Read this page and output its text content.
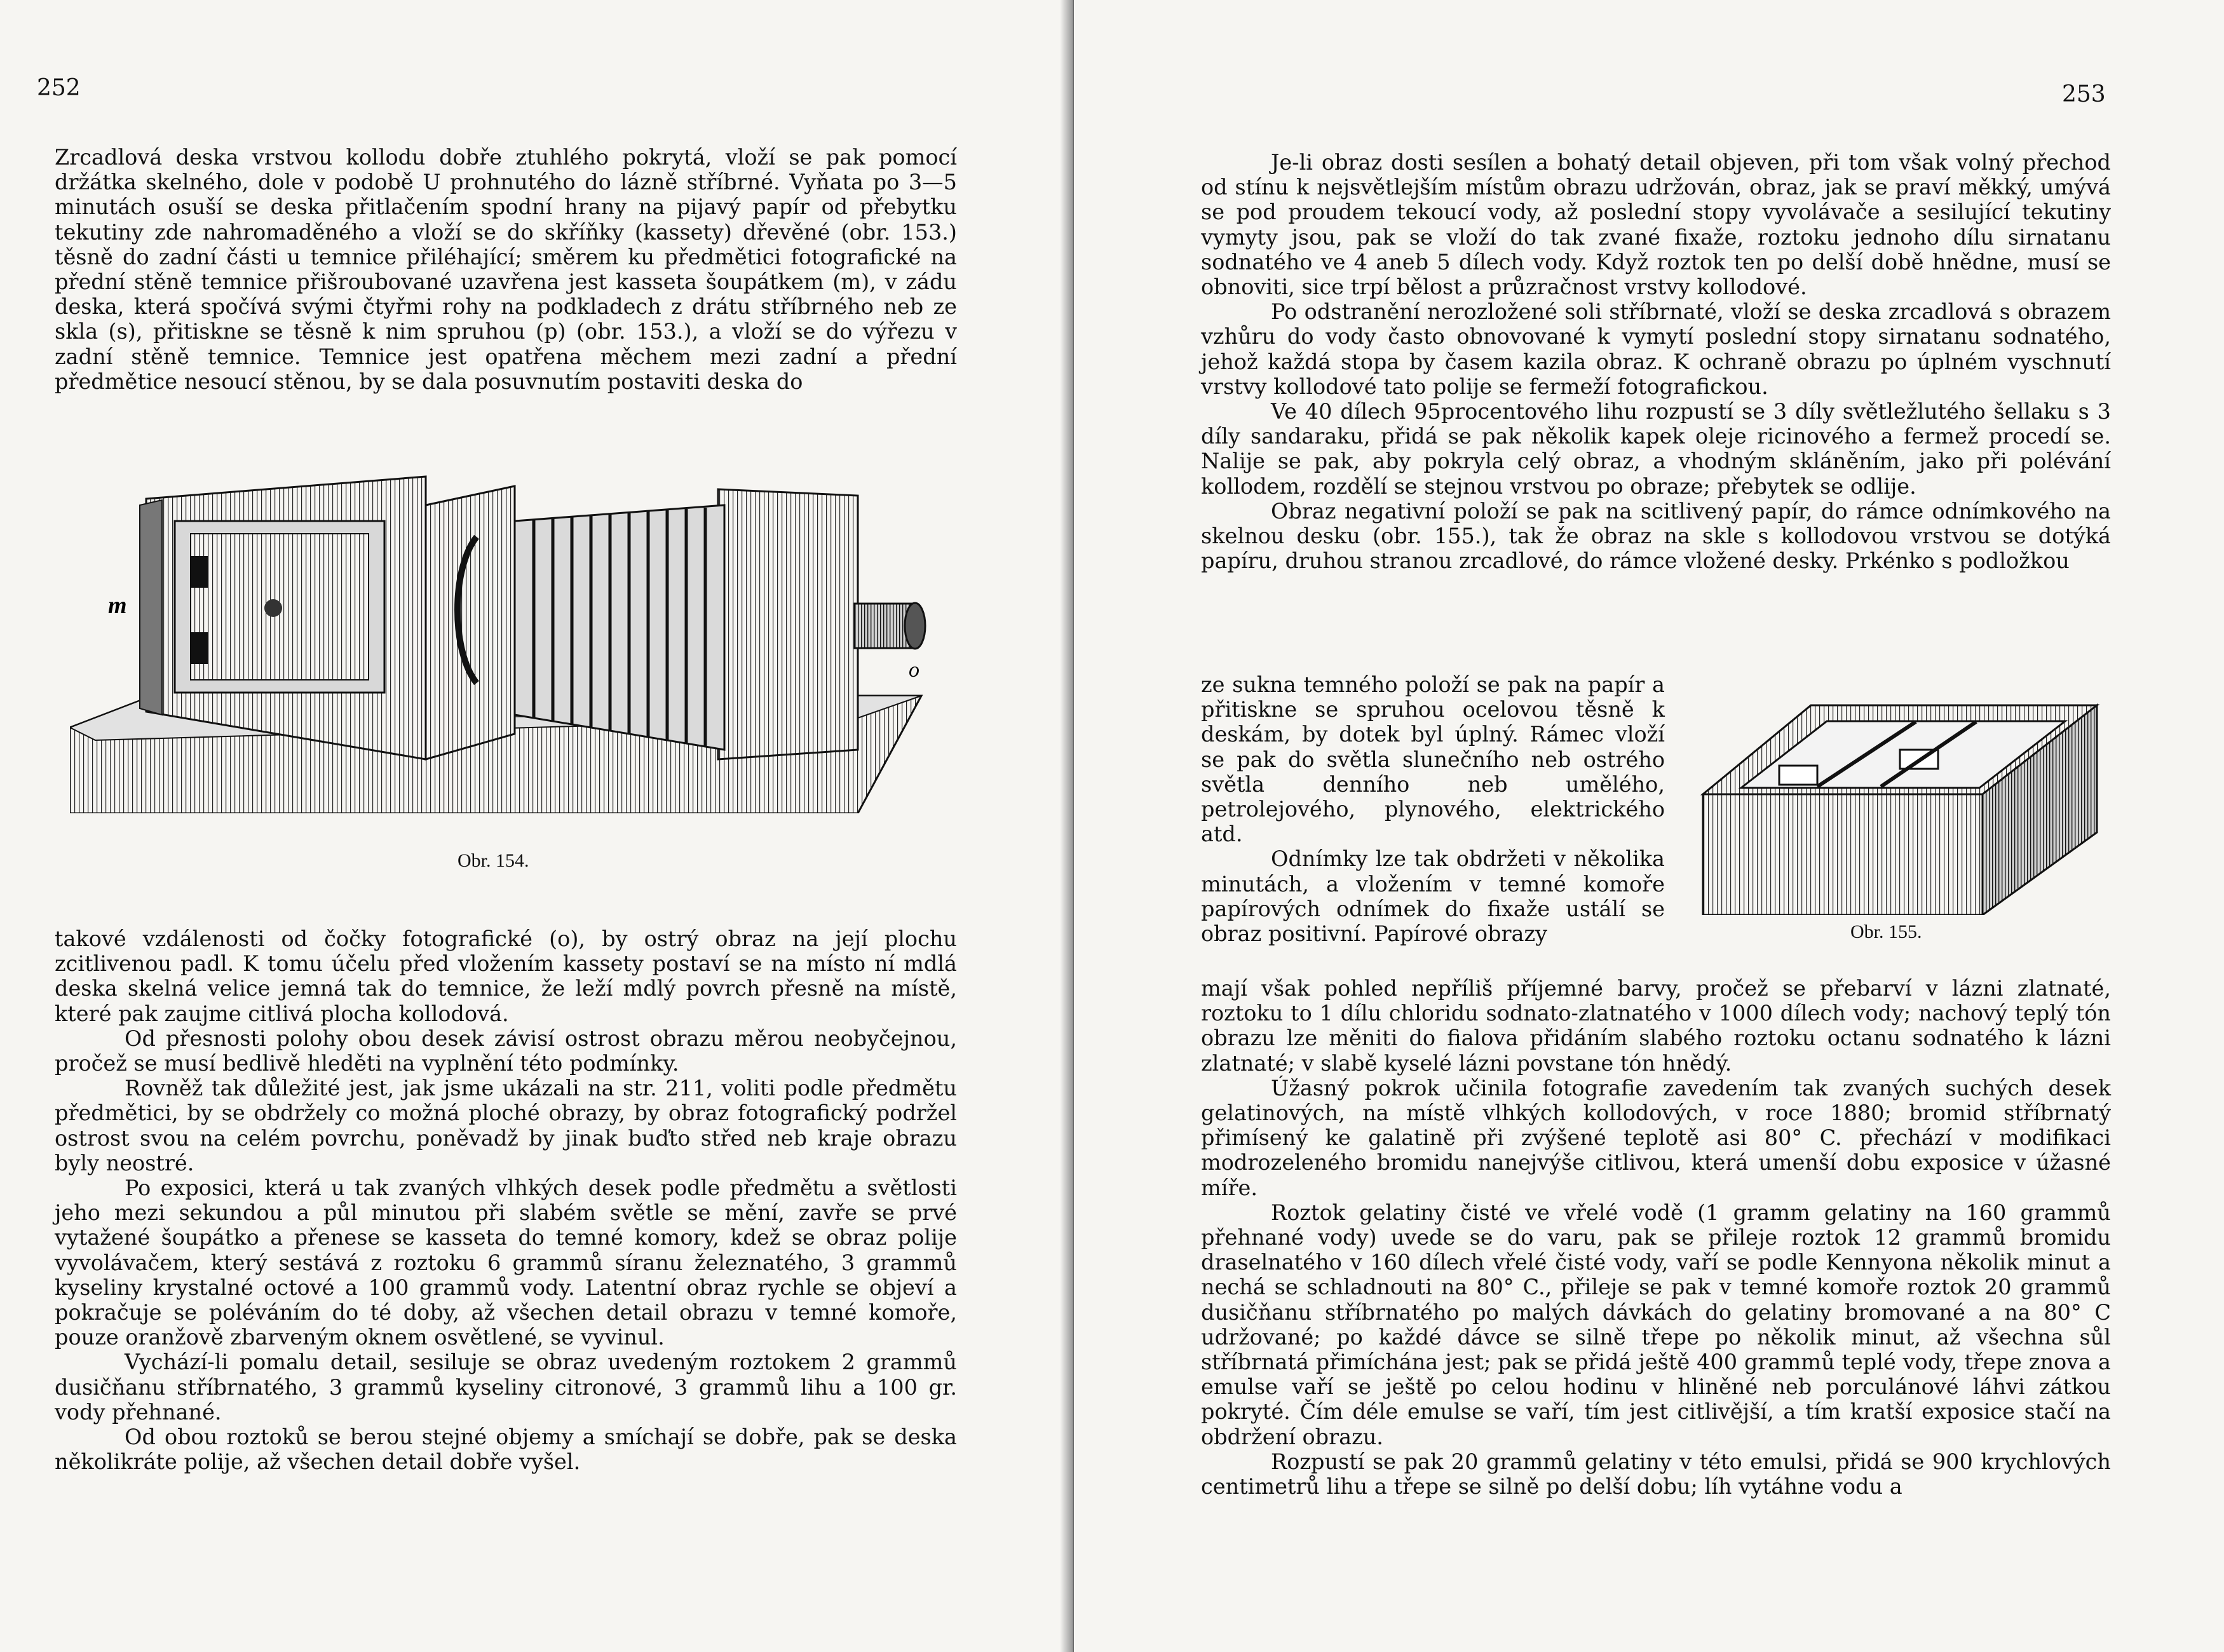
252

Zrcadlová deska vrstvou kollodu dobře ztuhlého pokrytá, vloží se pak pomocí držátka skelného, dole v podobě U prohnutého do lázně stříbrné. Vyňata po 3—5 minutách osuší se deska přitlačením spodní hrany na pijavý papír od přebytku tekutiny zde nahromaděného a vloží se do skříňky (kassety) dřevěné (obr. 153.) těsně do zadní části u temnice přiléhající; směrem ku předmětici fotografické na přední stěně temnice přišroubované uzavřena jest kasseta šoupátkem (m), v zádu deska, která spočívá svými čtyřmi rohy na podkladech z drátu stříbrného neb ze skla (s), přitiskne se těsně k nim spruhou (p) (obr. 153.), a vloží se do výřezu v zadní stěně temnice. Temnice jest opatřena měchem mezi zadní a přední předmětice nesoucí stěnou, by se dala posuvnutím postaviti deska do

m
o
Obr. 154.

takové vzdálenosti od čočky fotografické (o), by ostrý obraz na její plochu zcitlivenou padl. K tomu účelu před vložením kassety postaví se na místo ní mdlá deska skelná velice jemná tak do temnice, že leží mdlý povrch přesně na místě, které pak zaujme citlivá plocha kollodová.

Od přesnosti polohy obou desek závisí ostrost obrazu měrou neobyčejnou, pročež se musí bedlivě hleděti na vyplnění této podmínky.

Rovněž tak důležité jest, jak jsme ukázali na str. 211, voliti podle předmětu předmětici, by se obdržely co možná ploché obrazy, by obraz fotografický podržel ostrost svou na celém povrchu, poněvadž by jinak buďto střed neb kraje obrazu byly neostré.

Po exposici, která u tak zvaných vlhkých desek podle předmětu a světlosti jeho mezi sekundou a půl minutou při slabém světle se mění, zavře se prvé vytažené šoupátko a přenese se kasseta do temné komory, kdež se obraz polije vyvolávačem, který sestává z roztoku 6 grammů síranu železnatého, 3 grammů kyseliny krystalné octové a 100 grammů vody. Latentní obraz rychle se objeví a pokračuje se poléváním do té doby, až všechen detail obrazu v temné komoře, pouze oranžově zbarveným oknem osvětlené, se vyvinul.

Vychází-li pomalu detail, sesiluje se obraz uvedeným roztokem 2 grammů dusičňanu stříbrnatého, 3 grammů kyseliny citronové, 3 grammů lihu a 100 gr. vody přehnané.

Od obou roztoků se berou stejné objemy a smíchají se dobře, pak se deska několikráte polije, až všechen detail dobře vyšel.

253

Je-li obraz dosti sesílen a bohatý detail objeven, při tom však volný přechod od stínu k nejsvětlejším místům obrazu udržován, obraz, jak se praví měkký, umývá se pod proudem tekoucí vody, až poslední stopy vyvolávače a sesilující tekutiny vymyty jsou, pak se vloží do tak zvané fixaže, roztoku jednoho dílu sirnatanu sodnatého ve 4 aneb 5 dílech vody. Když roztok ten po delší době hnědne, musí se obnoviti, sice trpí bělost a průzračnost vrstvy kollodové.

Po odstranění nerozložené soli stříbrnaté, vloží se deska zrcadlová s obrazem vzhůru do vody často obnovované k vymytí poslední stopy sirnatanu sodnatého, jehož každá stopa by časem kazila obraz. K ochraně obrazu po úplném vyschnutí vrstvy kollodové tato polije se fermeží fotografickou.

Ve 40 dílech 95procentového lihu rozpustí se 3 díly světležlutého šellaku s 3 díly sandaraku, přidá se pak několik kapek oleje ricinového a fermež procedí se. Nalije se pak, aby pokryla celý obraz, a vhodným skláněním, jako při polévání kollodem, rozdělí se stejnou vrstvou po obraze; přebytek se odlije.

Obraz negativní položí se pak na scitlivený papír, do rámce odnímkového na skelnou desku (obr. 155.), tak že obraz na skle s kollodovou vrstvou se dotýká papíru, druhou stranou zrcadlové, do rámce vložené desky. Prkénko s podložkou

ze sukna temného položí se pak na papír a přitiskne se spruhou ocelovou těsně k deskám, by dotek byl úplný. Rámec vloží se pak do světla slunečního neb ostrého světla denního neb umělého, petrolejového, plynového, elektrického atd.

Odnímky lze tak obdržeti v několika minutách, a vložením v temné komoře papírových odnímek do fixaže ustálí se obraz positivní. Papírové obrazy	Obr. 155.

mají však pohled nepříliš příjemné barvy, pročež se přebarví v lázni zlatnaté, roztoku to 1 dílu chloridu sodnato-zlatnatého v 1000 dílech vody; nachový teplý tón obrazu lze měniti do fialova přidáním slabého roztoku octanu sodnatého k lázni zlatnaté; v slabě kyselé lázni povstane tón hnědý.

Úžasný pokrok učinila fotografie zavedením tak zvaných suchých desek gelatinových, na místě vlhkých kollodových, v roce 1880; bromid stříbrnatý přimísený ke galatině při zvýšené teplotě asi 80° C. přechází v modifikaci modrozeleného bromidu nanejvýše citlivou, která umenší dobu exposice v úžasné míře.

Roztok gelatiny čisté ve vřelé vodě (1 gramm gelatiny na 160 grammů přehnané vody) uvede se do varu, pak se přileje roztok 12 grammů bromidu draselnatého v 160 dílech vřelé čisté vody, vaří se podle Kennyona několik minut a nechá se schladnouti na 80° C., přileje se pak v temné komoře roztok 20 grammů dusičňanu stříbrnatého po malých dávkách do gelatiny bromované a na 80° C udržované; po každé dávce se silně třepe po několik minut, až všechna sůl stříbrnatá přimíchána jest; pak se přidá ještě 400 grammů teplé vody, třepe znova a emulse vaří se ještě po celou hodinu v hliněné neb porculánové láhvi zátkou pokryté. Čím déle emulse se vaří, tím jest citlivější, a tím kratší exposice stačí na obdržení obrazu.

Rozpustí se pak 20 grammů gelatiny v této emulsi, přidá se 900 krychlových centimetrů lihu a třepe se silně po delší dobu; líh vytáhne vodu a
